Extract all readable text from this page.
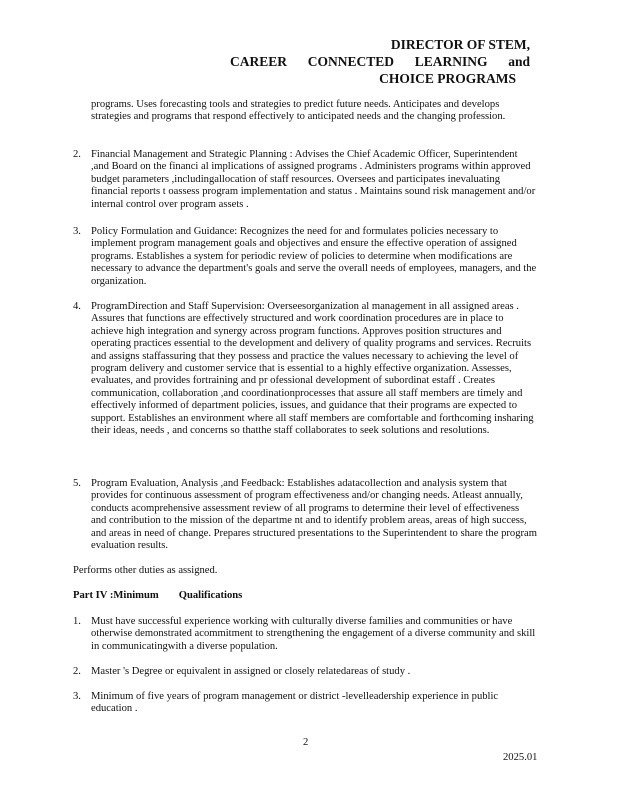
DIRECTOR OF STEM,
CAREER CONNECTED LEARNING and
CHOICE PROGRAMS

programs. Uses forecasting tools and strategies to predict future needs. Anticipates and develops strategies and programs that respond effectively to anticipated needs and the changing profession.

2. Financial Management and Strategic Planning : Advises the Chief Academic Officer, Superintendent ,and Board on the financi al implications of assigned programs . Administers programs within approved budget parameters ,includingallocation of staff resources. Oversees and participates inevaluating financial reports t oassess program implementation and status . Maintains sound risk management and/or internal control over program assets .
3. Policy Formulation and Guidance: Recognizes the need for and formulates policies necessary to implement program management goals and objectives and ensure the effective operation of assigned programs. Establishes a system for periodic review of policies to determine when modifications are necessary to advance the department's goals and serve the overall needs of employees, managers, and the organization.
4. ProgramDirection and Staff Supervision: Overseesorganization al management in all assigned areas . Assures that functions are effectively structured and work coordination procedures are in place to achieve high integration and synergy across program functions. Approves position structures and operating practices essential to the development and delivery of quality programs and services. Recruits and assigns staffassuring that they possess and practice the values necessary to achieving the level of program delivery and customer service that is essential to a highly effective organization. Assesses, evaluates, and provides fortraining and pr ofessional development of subordinat estaff . Creates communication, collaboration ,and coordinationprocesses that assure all staff members are timely and effectively informed of department policies, issues, and guidance that their programs are expected to support. Establishes an environment where all staff members are comfortable and forthcoming insharing their ideas, needs , and concerns so thatthe staff collaborates to seek solutions and resolutions.
5. Program Evaluation, Analysis ,and Feedback: Establishes adatacollection and analysis system that provides for continuous assessment of program effectiveness and/or changing needs. Atleast annually, conducts acomprehensive assessment review of all programs to determine their level of effectiveness and contribution to the mission of the departme nt and to identify problem areas, areas of high success, and areas in need of change. Prepares structured presentations to the Superintendent to share the program evaluation results.

Performs other duties as assigned.

Part IV :Minimum Qualifications

1. Must have successful experience working with culturally diverse families and communities or have otherwise demonstrated acommitment to strengthening the engagement of a diverse community and skill in communicatingwith a diverse population.
2. Master 's Degree or equivalent in assigned or closely relatedareas of study .
3. Minimum of five years of program management or district -levelleadership experience in public education .
2
2025.01
